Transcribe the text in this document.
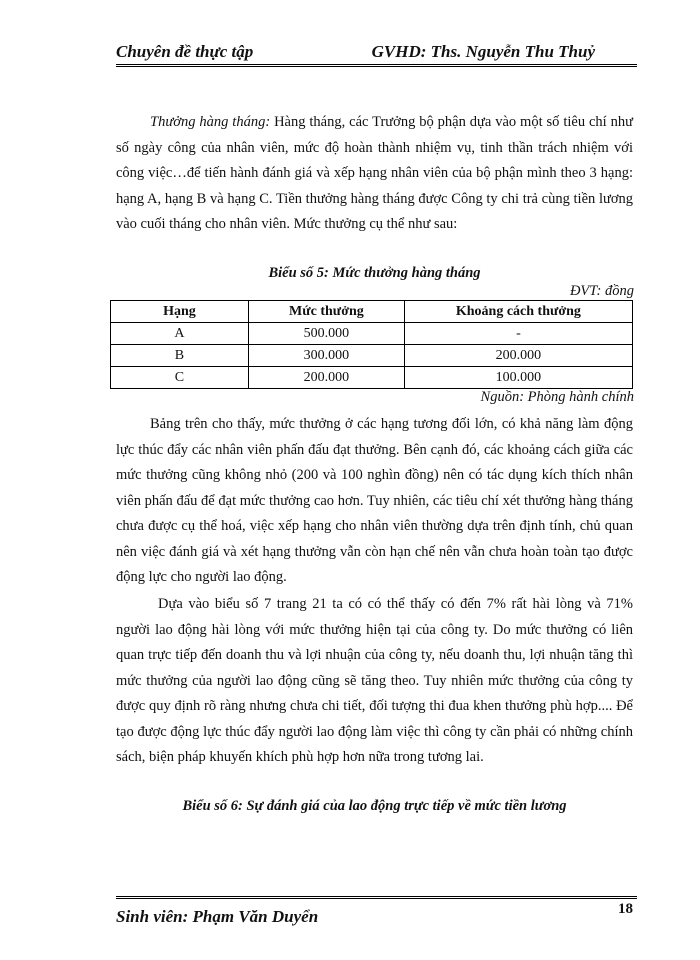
Chuyên đề thực tập	GVHD: Ths. Nguyễn Thu Thuỷ
Thưởng hàng tháng: Hàng tháng, các Trưởng bộ phận dựa vào một số tiêu chí như số ngày công của nhân viên, mức độ hoàn thành nhiệm vụ, tinh thần trách nhiệm với công việc…để tiến hành đánh giá và xếp hạng nhân viên của bộ phận mình theo 3 hạng: hạng A, hạng B và hạng C. Tiền thưởng hàng tháng được Công ty chi trả cùng tiền lương vào cuối tháng cho nhân viên. Mức thưởng cụ thể như sau:
Biểu số 5: Mức thưởng hàng tháng
ĐVT: đồng
Hạng	Mức thưởng	Khoảng cách thưởng
A	500.000	-
B	300.000	200.000
C	200.000	100.000
Nguồn: Phòng hành chính
Bảng trên cho thấy, mức thưởng ở các hạng tương đối lớn, có khả năng làm động lực thúc đẩy các nhân viên phấn đấu đạt thưởng. Bên cạnh đó, các khoảng cách giữa các mức thưởng cũng không nhỏ (200 và 100 nghìn đồng) nên có tác dụng kích thích nhân viên phấn đấu để đạt mức thưởng cao hơn. Tuy nhiên, các tiêu chí xét thưởng hàng tháng chưa được cụ thể hoá, việc xếp hạng cho nhân viên thường dựa trên định tính, chủ quan nên việc đánh giá và xét hạng thưởng vẫn còn hạn chế nên vẫn chưa hoàn toàn tạo được động lực cho người lao động.
Dựa vào biểu số 7 trang 21 ta có có thể thấy có đến 7% rất hài lòng và 71% người lao động hài lòng với mức thưởng hiện tại của công ty. Do mức thưởng có liên quan trực tiếp đến doanh thu và lợi nhuận của công ty, nếu doanh thu, lợi nhuận tăng thì mức thưởng của người lao động cũng sẽ tăng theo. Tuy nhiên mức thưởng của công ty được quy định rõ ràng nhưng chưa chi tiết, đối tượng thi đua khen thưởng phù hợp.... Để tạo được động lực thúc đẩy người lao động làm việc thì công ty cần phải có những chính sách, biện pháp khuyến khích phù hợp hơn nữa trong tương lai.
Biểu số 6: Sự đánh giá của lao động trực tiếp về mức tiền lương
Sinh viên: Phạm Văn Duyển	18
